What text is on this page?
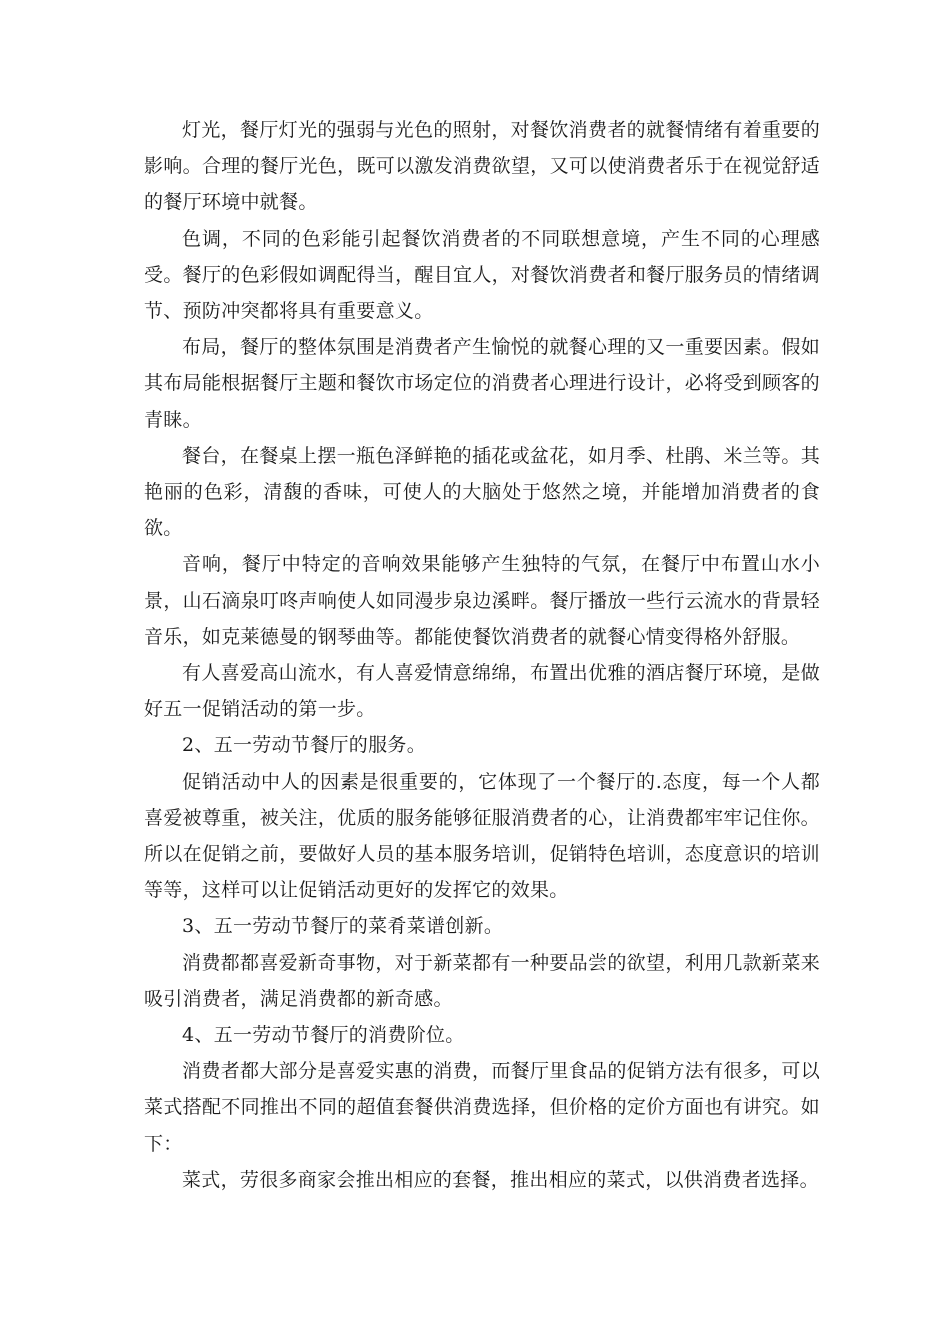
灯光，餐厅灯光的强弱与光色的照射，对餐饮消费者的就餐情绪有着重要的影响。合理的餐厅光色，既可以激发消费欲望，又可以使消费者乐于在视觉舒适的餐厅环境中就餐。

色调，不同的色彩能引起餐饮消费者的不同联想意境，产生不同的心理感受。餐厅的色彩假如调配得当，醒目宜人，对餐饮消费者和餐厅服务员的情绪调节、预防冲突都将具有重要意义。

布局，餐厅的整体氛围是消费者产生愉悦的就餐心理的又一重要因素。假如其布局能根据餐厅主题和餐饮市场定位的消费者心理进行设计，必将受到顾客的青睐。

餐台，在餐桌上摆一瓶色泽鲜艳的插花或盆花，如月季、杜鹃、米兰等。其艳丽的色彩，清馥的香味，可使人的大脑处于悠然之境，并能增加消费者的食欲。

音响，餐厅中特定的音响效果能够产生独特的气氛，在餐厅中布置山水小景，山石滴泉叮咚声响使人如同漫步泉边溪畔。餐厅播放一些行云流水的背景轻音乐，如克莱德曼的钢琴曲等。都能使餐饮消费者的就餐心情变得格外舒服。

有人喜爱高山流水，有人喜爱情意绵绵，布置出优雅的酒店餐厅环境，是做好五一促销活动的第一步。

2、五一劳动节餐厅的服务。

促销活动中人的因素是很重要的，它体现了一个餐厅的.态度，每一个人都喜爱被尊重，被关注，优质的服务能够征服消费者的心，让消费都牢牢记住你。所以在促销之前，要做好人员的基本服务培训，促销特色培训，态度意识的培训等等，这样可以让促销活动更好的发挥它的效果。

3、五一劳动节餐厅的菜肴菜谱创新。

消费都都喜爱新奇事物，对于新菜都有一种要品尝的欲望，利用几款新菜来吸引消费者，满足消费都的新奇感。

4、五一劳动节餐厅的消费阶位。

消费者都大部分是喜爱实惠的消费，而餐厅里食品的促销方法有很多，可以菜式搭配不同推出不同的超值套餐供消费选择，但价格的定价方面也有讲究。如下：

菜式，劳很多商家会推出相应的套餐，推出相应的菜式，以供消费者选择。
